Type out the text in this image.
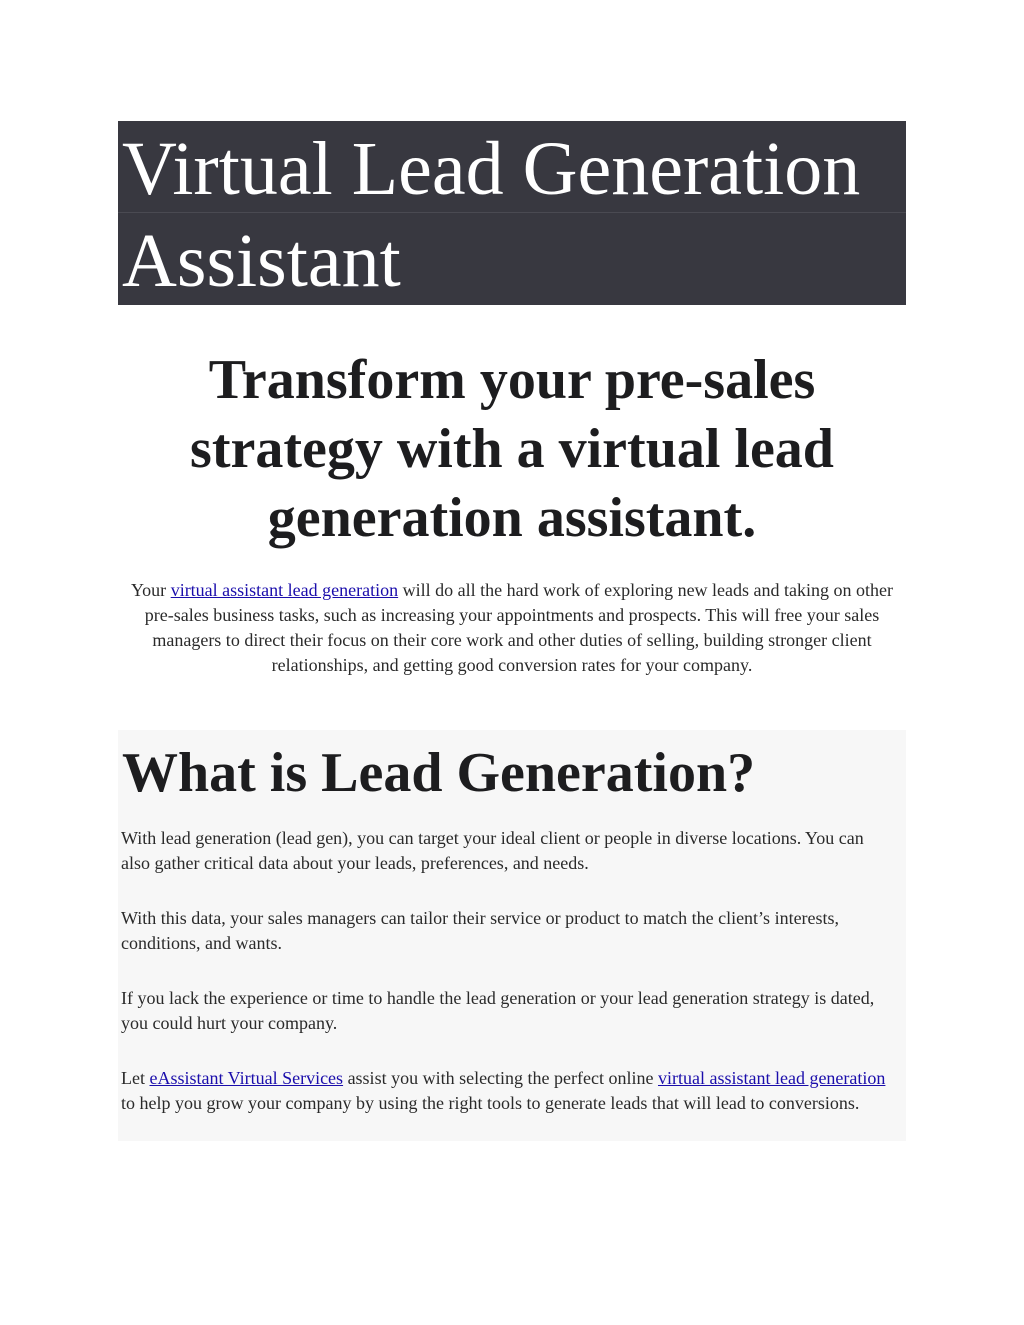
Virtual Lead Generation
Assistant
Transform your pre-sales strategy with a virtual lead generation assistant.

Your virtual assistant lead generation will do all the hard work of exploring new leads and taking on other pre-sales business tasks, such as increasing your appointments and prospects. This will free your sales managers to direct their focus on their core work and other duties of selling, building stronger client relationships, and getting good conversion rates for your company.

What is Lead Generation?

With lead generation (lead gen), you can target your ideal client or people in diverse locations. You can also gather critical data about your leads, preferences, and needs.

With this data, your sales managers can tailor their service or product to match the client’s interests, conditions, and wants.

If you lack the experience or time to handle the lead generation or your lead generation strategy is dated, you could hurt your company.

Let eAssistant Virtual Services assist you with selecting the perfect online virtual assistant lead generation to help you grow your company by using the right tools to generate leads that will lead to conversions.
